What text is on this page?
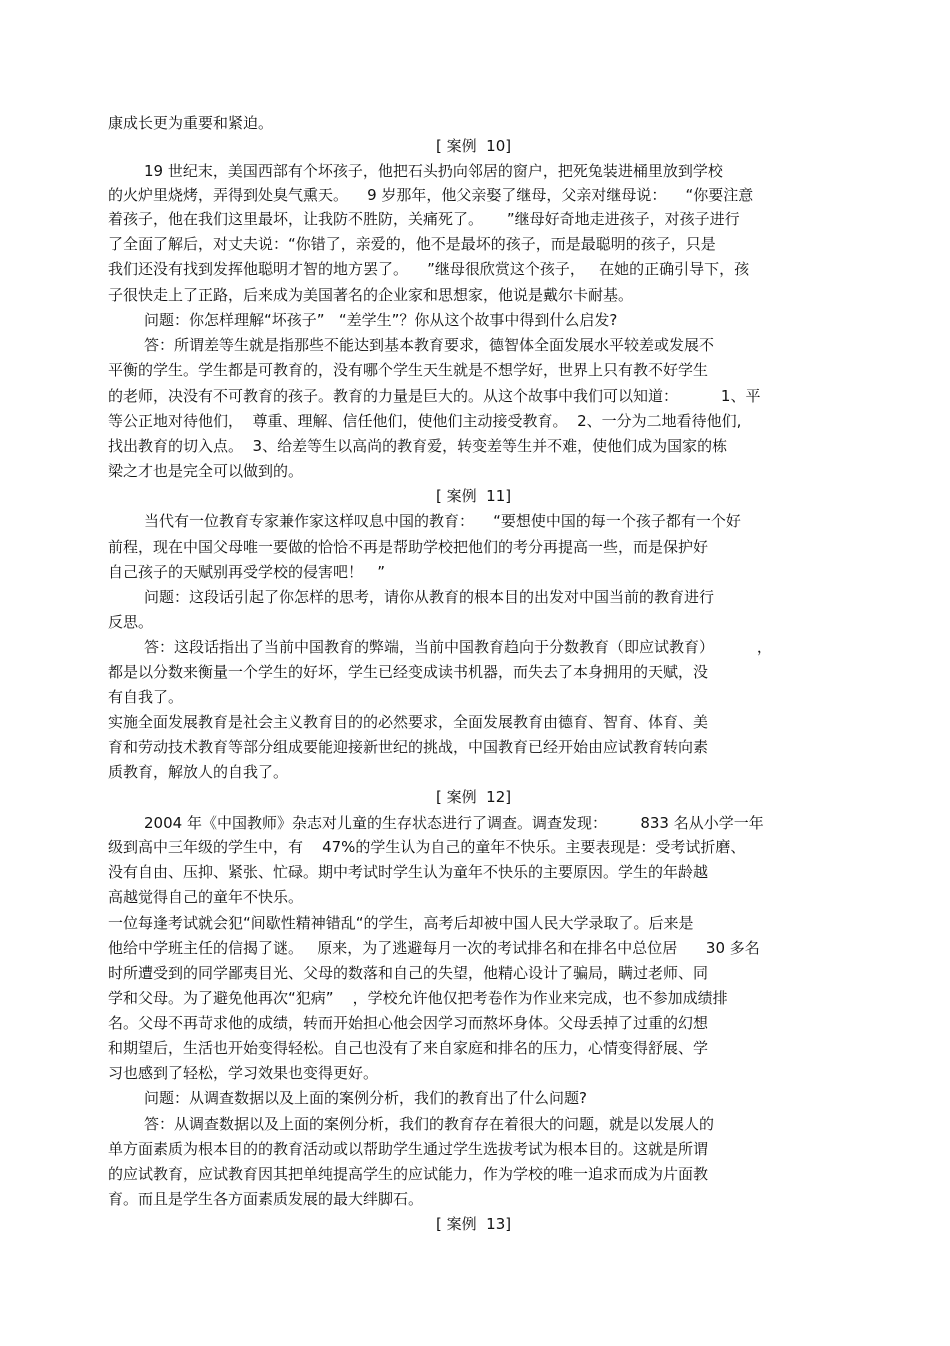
康成长更为重要和紧迫。
[ 案例  10]
19 世纪末，美国西部有个坏孩子，他把石头扔向邻居的窗户，把死兔装进桶里放到学校
的火炉里烧烤，弄得到处臭气熏天。    9 岁那年，他父亲娶了继母，父亲对继母说：    “你要注意
着孩子，他在我们这里最坏，让我防不胜防，关痛死了。     ”继母好奇地走进孩子，对孩子进行
了全面了解后，对丈夫说：“你错了，亲爱的，他不是最坏的孩子，而是最聪明的孩子，只是
我们还没有找到发挥他聪明才智的地方罢了。    ”继母很欣赏这个孩子，   在她的正确引导下，孩
子很快走上了正路，后来成为美国著名的企业家和思想家，他说是戴尔卡耐基。
问题：你怎样理解“坏孩子”   “差学生”？你从这个故事中得到什么启发?
答：所谓差等生就是指那些不能达到基本教育要求，德智体全面发展水平较差或发展不
平衡的学生。学生都是可教育的，没有哪个学生天生就是不想学好，世界上只有教不好学生
的老师，决没有不可教育的孩子。教育的力量是巨大的。从这个故事中我们可以知道：         1、平
等公正地对待他们，  尊重、理解、信任他们，使他们主动接受教育。  2、一分为二地看待他们,
找出教育的切入点。  3、给差等生以高尚的教育爱，转变差等生并不难，使他们成为国家的栋
梁之才也是完全可以做到的。
[ 案例  11]
当代有一位教育专家兼作家这样叹息中国的教育：    “要想使中国的每一个孩子都有一个好
前程，现在中国父母唯一要做的恰恰不再是帮助学校把他们的考分再提高一些，而是保护好
自己孩子的天赋别再受学校的侵害吧！   ”
问题：这段话引起了你怎样的思考，请你从教育的根本目的出发对中国当前的教育进行
反思。
答：这段话指出了当前中国教育的弊端，当前中国教育趋向于分数教育（即应试教育）         ，
都是以分数来衡量一个学生的好坏，学生已经变成读书机器，而失去了本身拥用的天赋，没
有自我了。
实施全面发展教育是社会主义教育目的的必然要求，全面发展教育由德育、智育、体育、美
育和劳动技术教育等部分组成要能迎接新世纪的挑战，中国教育已经开始由应试教育转向素
质教育，解放人的自我了。
[ 案例  12]
2004 年《中国教师》杂志对儿童的生存状态进行了调查。调查发现：       833 名从小学一年
级到高中三年级的学生中，有    47%的学生认为自己的童年不快乐。主要表现是：受考试折磨、
没有自由、压抑、紧张、忙碌。期中考试时学生认为童年不快乐的主要原因。学生的年龄越
高越觉得自己的童年不快乐。
一位每逢考试就会犯“间歇性精神错乱“的学生，高考后却被中国人民大学录取了。后来是
他给中学班主任的信揭了谜。   原来，为了逃避每月一次的考试排名和在排名中总位居      30 多名
时所遭受到的同学鄙夷目光、父母的数落和自己的失望，他精心设计了骗局，瞒过老师、同
学和父母。为了避免他再次“犯病”    ，学校允许他仅把考卷作为作业来完成，也不参加成绩排
名。父母不再苛求他的成绩，转而开始担心他会因学习而熬坏身体。父母丢掉了过重的幻想
和期望后，生活也开始变得轻松。自己也没有了来自家庭和排名的压力，心情变得舒展、学
习也感到了轻松，学习效果也变得更好。
问题：从调查数据以及上面的案例分析，我们的教育出了什么问题?
答：从调查数据以及上面的案例分析，我们的教育存在着很大的问题，就是以发展人的
单方面素质为根本目的的教育活动或以帮助学生通过学生选拔考试为根本目的。这就是所谓
的应试教育，应试教育因其把单纯提高学生的应试能力，作为学校的唯一追求而成为片面教
育。而且是学生各方面素质发展的最大绊脚石。
[ 案例  13]
